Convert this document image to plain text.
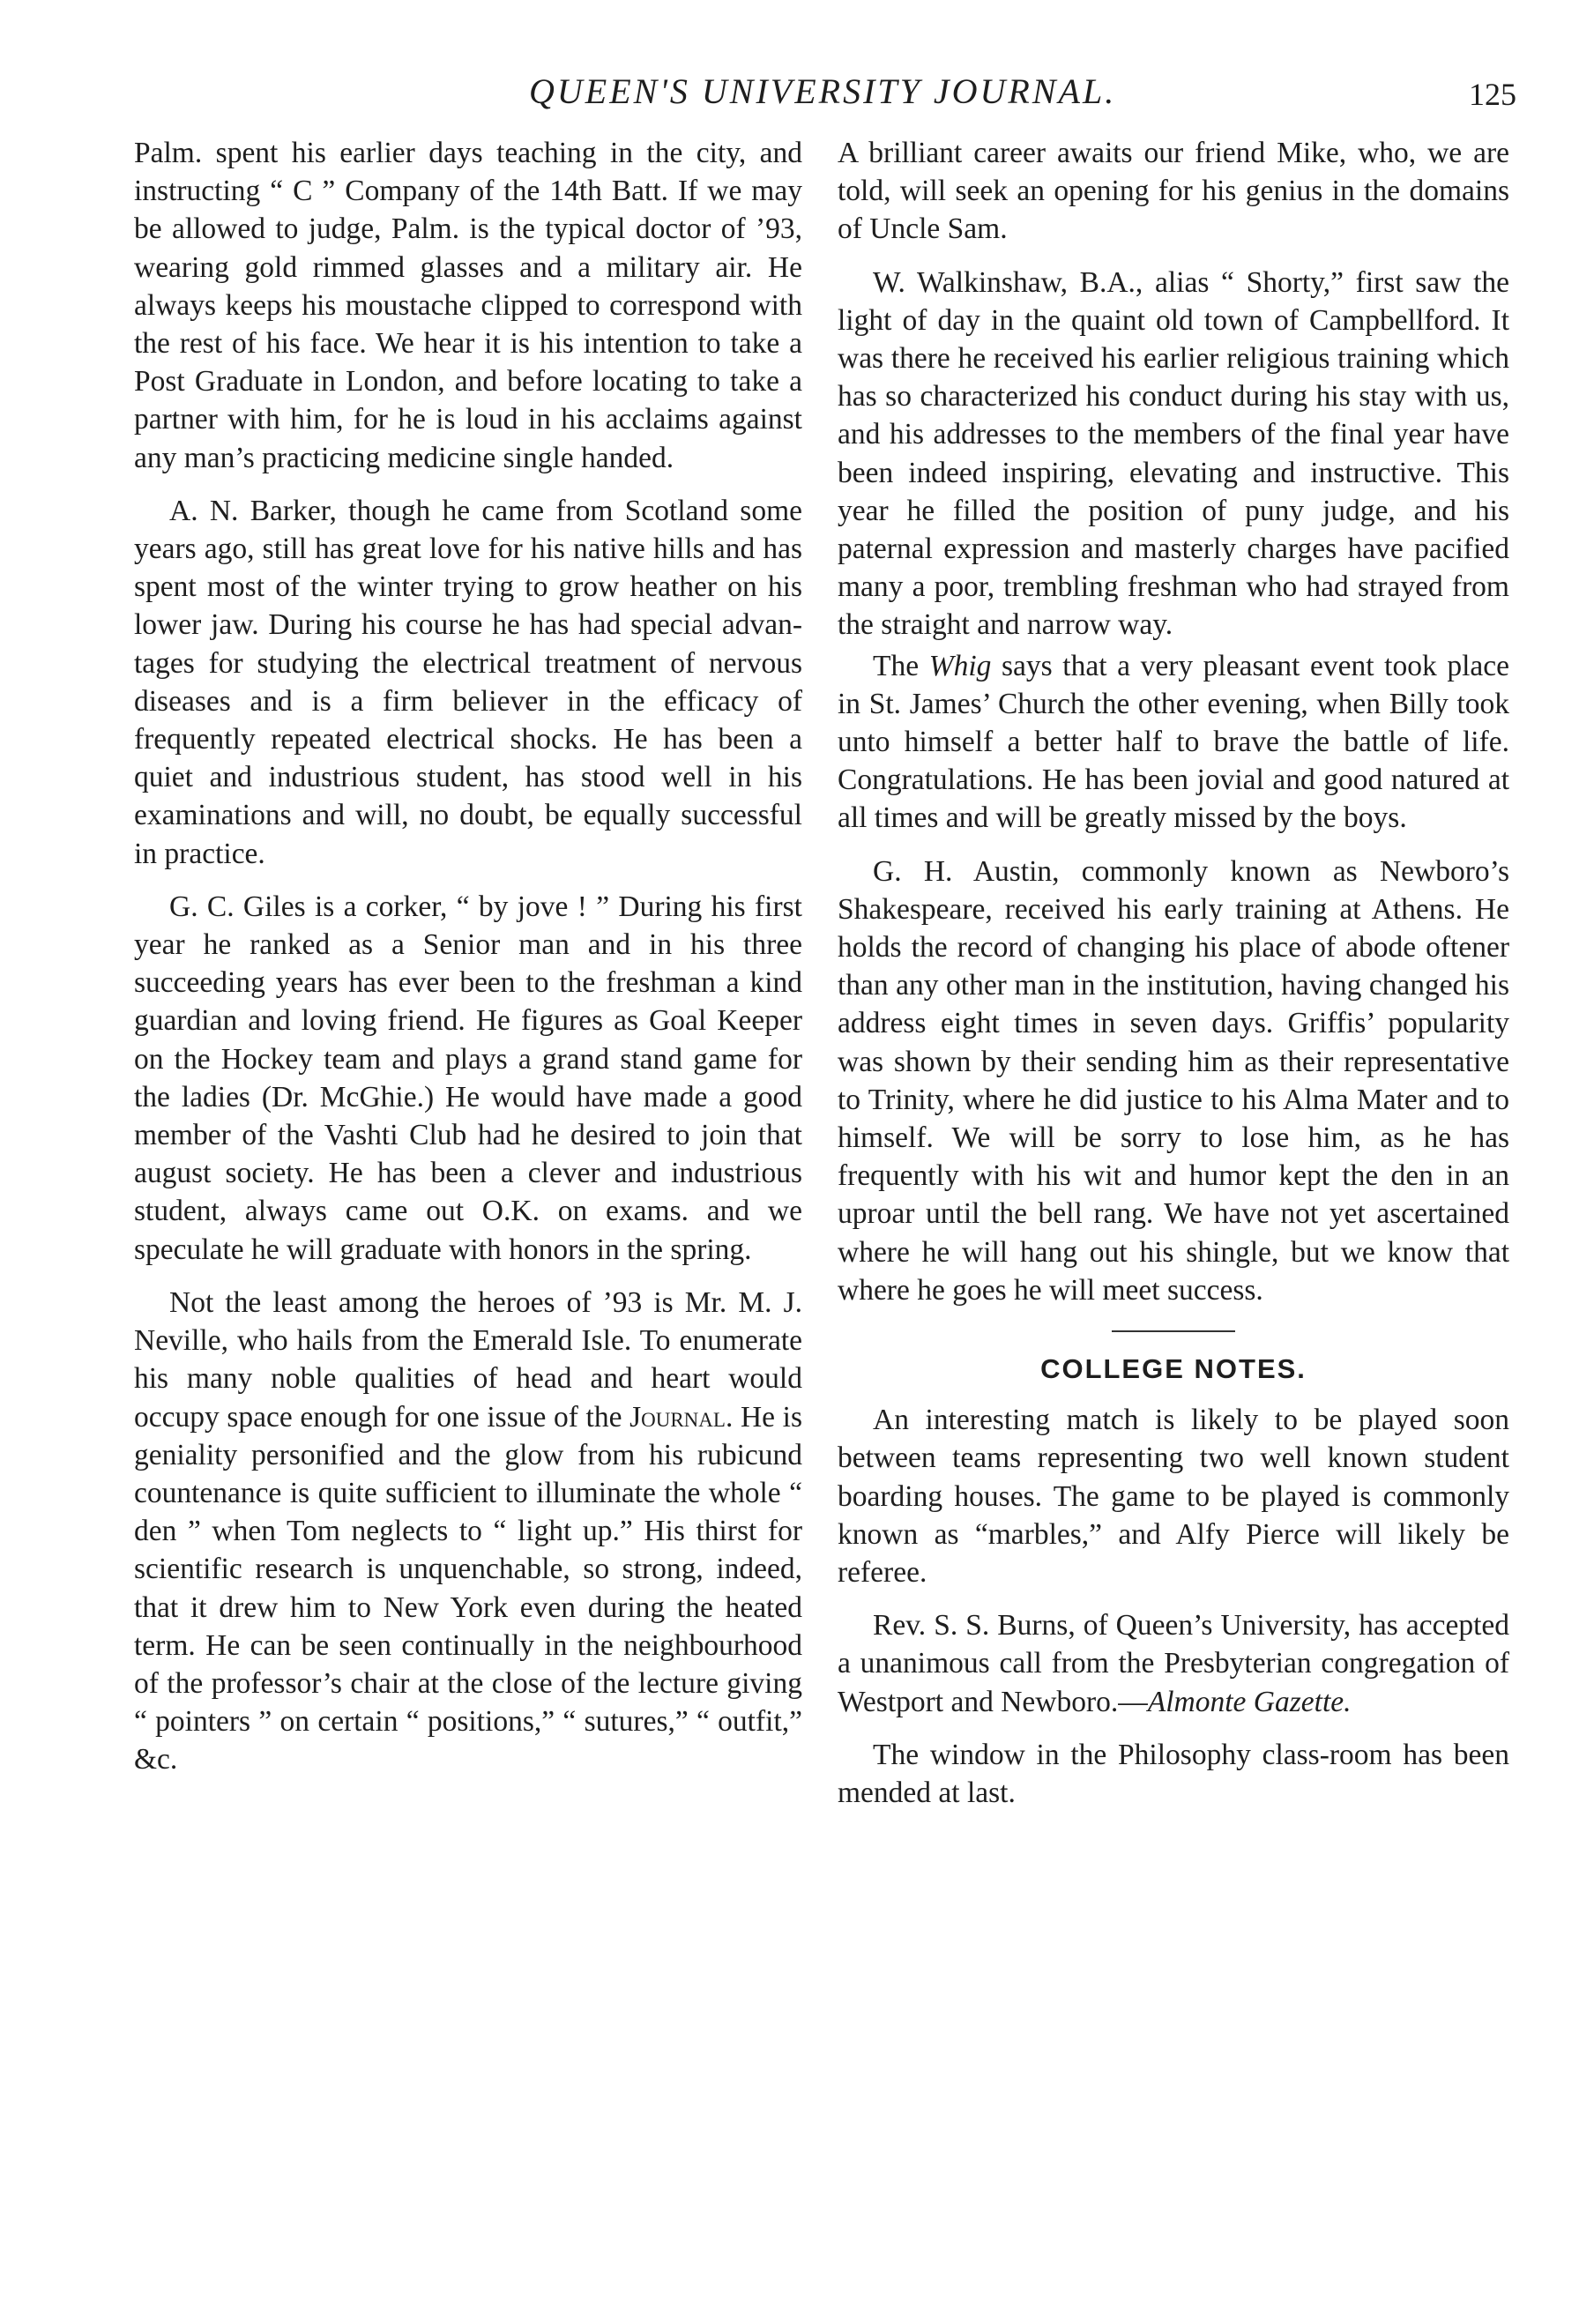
QUEEN'S UNIVERSITY JOURNAL.	125

Palm. spent his earlier days teaching in the city, and instructing “ C ” Company of the 14th Batt. If we may be allowed to judge, Palm. is the typical doctor of ’93, wearing gold rimmed glasses and a military air. He always keeps his moustache clipped to correspond with the rest of his face. We hear it is his intention to take a Post Graduate in London, and before locating to take a partner with him, for he is loud in his acclaims against any man’s practicing medicine single handed.

A. N. Barker, though he came from Scotland some years ago, still has great love for his native hills and has spent most of the winter trying to grow heather on his lower jaw. During his course he has had special advantages for studying the electrical treatment of nervous diseases and is a firm believer in the efficacy of frequently repeated electrical shocks. He has been a quiet and industrious student, has stood well in his examinations and will, no doubt, be equally successful in practice.

G. C. Giles is a corker, “ by jove ! ” During his first year he ranked as a Senior man and in his three succeeding years has ever been to the freshman a kind guardian and loving friend. He figures as Goal Keeper on the Hockey team and plays a grand stand game for the ladies (Dr. McGhie.) He would have made a good member of the Vashti Club had he desired to join that august society. He has been a clever and industrious student, always came out O.K. on exams. and we speculate he will graduate with honors in the spring.

Not the least among the heroes of ’93 is Mr. M. J. Neville, who hails from the Emerald Isle. To enumerate his many noble qualities of head and heart would occupy space enough for one issue of the Journal. He is geniality personified and the glow from his rubicund countenance is quite sufficient to illuminate the whole “ den ” when Tom neglects to “ light up.” His thirst for scientific research is unquenchable, so strong, indeed, that it drew him to New York even during the heated term. He can be seen continually in the neighbourhood of the professor’s chair at the close of the lecture giving “ pointers ” on certain “ positions,” “ sutures,” “ outfit,” &c.

A brilliant career awaits our friend Mike, who, we are told, will seek an opening for his genius in the domains of Uncle Sam.

W. Walkinshaw, B.A., alias “ Shorty,” first saw the light of day in the quaint old town of Campbellford. It was there he received his earlier religious training which has so characterized his conduct during his stay with us, and his addresses to the members of the final year have been indeed inspiring, elevating and instructive. This year he filled the position of puny judge, and his paternal expression and masterly charges have pacified many a poor, trembling freshman who had strayed from the straight and narrow way.

The Whig says that a very pleasant event took place in St. James’ Church the other evening, when Billy took unto himself a better half to brave the battle of life. Congratulations. He has been jovial and good natured at all times and will be greatly missed by the boys.

G. H. Austin, commonly known as Newboro’s Shakespeare, received his early training at Athens. He holds the record of changing his place of abode oftener than any other man in the institution, having changed his address eight times in seven days. Griffis’ popularity was shown by their sending him as their representative to Trinity, where he did justice to his Alma Mater and to himself. We will be sorry to lose him, as he has frequently with his wit and humor kept the den in an uproar until the bell rang. We have not yet ascertained where he will hang out his shingle, but we know that where he goes he will meet success.

COLLEGE NOTES.

An interesting match is likely to be played soon between teams representing two well known student boarding houses. The game to be played is commonly known as “marbles,” and Alfy Pierce will likely be referee.

Rev. S. S. Burns, of Queen’s University, has accepted a unanimous call from the Presbyterian congregation of Westport and Newboro.—Almonte Gazette.

The window in the Philosophy class-room has been mended at last.
